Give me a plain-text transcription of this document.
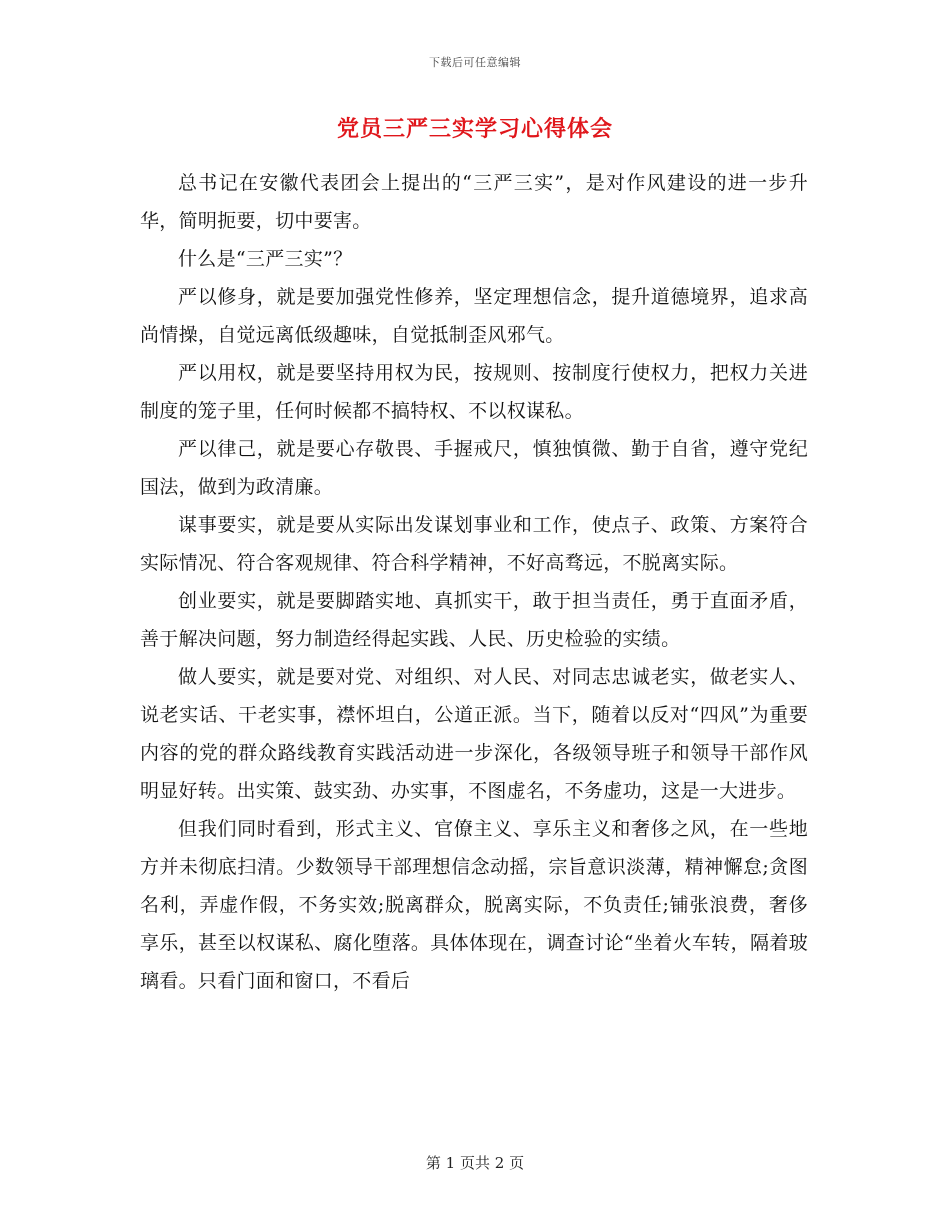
下载后可任意编辑
党员三严三实学习心得体会

总书记在安徽代表团会上提出的“三严三实”，是对作风建设的进一步升华，简明扼要，切中要害。

什么是“三严三实”？

严以修身，就是要加强党性修养，坚定理想信念，提升道德境界，追求高尚情操，自觉远离低级趣味，自觉抵制歪风邪气。

严以用权，就是要坚持用权为民，按规则、按制度行使权力，把权力关进制度的笼子里，任何时候都不搞特权、不以权谋私。

严以律己，就是要心存敬畏、手握戒尺，慎独慎微、勤于自省，遵守党纪国法，做到为政清廉。

谋事要实，就是要从实际出发谋划事业和工作，使点子、政策、方案符合实际情况、符合客观规律、符合科学精神，不好高骛远，不脱离实际。

创业要实，就是要脚踏实地、真抓实干，敢于担当责任，勇于直面矛盾，善于解决问题，努力制造经得起实践、人民、历史检验的实绩。

做人要实，就是要对党、对组织、对人民、对同志忠诚老实，做老实人、说老实话、干老实事，襟怀坦白，公道正派。当下，随着以反对“四风”为重要内容的党的群众路线教育实践活动进一步深化，各级领导班子和领导干部作风明显好转。出实策、鼓实劲、办实事，不图虚名，不务虚功，这是一大进步。

但我们同时看到，形式主义、官僚主义、享乐主义和奢侈之风，在一些地方并未彻底扫清。少数领导干部理想信念动摇，宗旨意识淡薄，精神懈怠;贪图名利，弄虚作假，不务实效;脱离群众，脱离实际，不负责任;铺张浪费，奢侈享乐，甚至以权谋私、腐化堕落。具体体现在，调查讨论“坐着火车转，隔着玻璃看。只看门面和窗口，不看后

第 1 页共 2 页
